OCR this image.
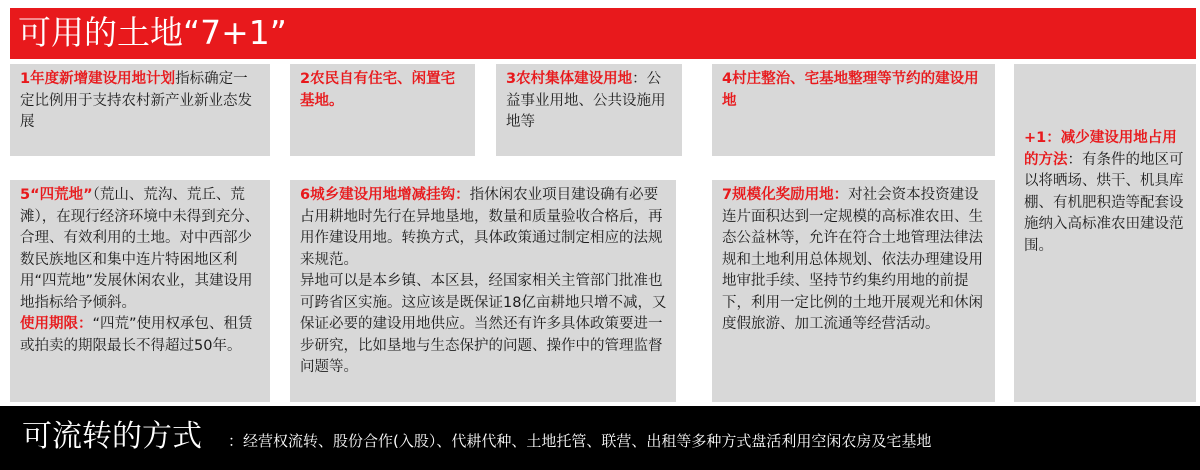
可用的土地“7+1”
1年度新增建设用地计划指标确定一定比例用于支持农村新产业新业态发展
2农民自有住宅、闲置宅基地。
3农村集体建设用地：公益事业用地、公共设施用地等
4村庄整治、宅基地整理等节约的建设用地
5“四荒地”（荒山、荒沟、荒丘、荒滩），在现行经济环境中未得到充分、合理、有效利用的土地。对中西部少数民族地区和集中连片特困地区利用“四荒地”发展休闲农业，其建设用地指标给予倾斜。
使用期限：“四荒”使用权承包、租赁或拍卖的期限最长不得超过50年。
6城乡建设用地增减挂钩：指休闲农业项目建设确有必要占用耕地时先行在异地垦地，数量和质量验收合格后，再用作建设用地。转换方式，具体政策通过制定相应的法规来规范。
异地可以是本乡镇、本区县，经国家相关主管部门批准也可跨省区实施。这应该是既保证18亿亩耕地只增不减，又保证必要的建设用地供应。当然还有许多具体政策要进一步研究，比如垦地与生态保护的问题、操作中的管理监督问题等。
7规模化奖励用地：对社会资本投资建设连片面积达到一定规模的高标准农田、生态公益林等，允许在符合土地管理法律法规和土地利用总体规划、依法办理建设用地审批手续、坚持节约集约用地的前提下，利用一定比例的土地开展观光和休闲度假旅游、加工流通等经营活动。
+1：减少建设用地占用的方法：有条件的地区可以将晒场、烘干、机具库棚、有机肥积造等配套设施纳入高标准农田建设范围。
可流转的方式 ：经营权流转、股份合作(入股）、代耕代种、土地托管、联营、出租等多种方式盘活利用空闲农房及宅基地
